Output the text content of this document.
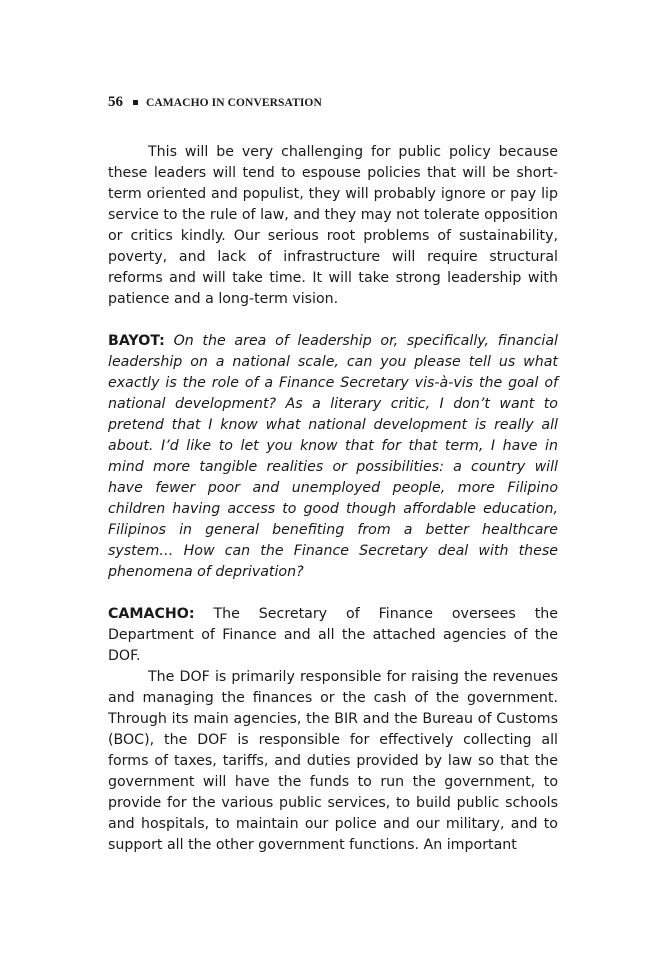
56 CAMACHO IN CONVERSATION

This will be very challenging for public policy because these leaders will tend to espouse policies that will be short-term oriented and populist, they will probably ignore or pay lip service to the rule of law, and they may not tolerate opposition or critics kindly. Our serious root problems of sustainability, poverty, and lack of infrastructure will require structural reforms and will take time. It will take strong leadership with patience and a long-term vision.

BAYOT: On the area of leadership or, specifically, financial leadership on a national scale, can you please tell us what exactly is the role of a Finance Secretary vis-à-vis the goal of national development? As a literary critic, I don’t want to pretend that I know what national development is really all about. I’d like to let you know that for that term, I have in mind more tangible realities or possibilities: a country will have fewer poor and unemployed people, more Filipino children having access to good though affordable education, Filipinos in general benefiting from a better healthcare system… How can the Finance Secretary deal with these phenomena of deprivation?

CAMACHO: The Secretary of Finance oversees the Department of Finance and all the attached agencies of the DOF.

The DOF is primarily responsible for raising the revenues and managing the finances or the cash of the government. Through its main agencies, the BIR and the Bureau of Customs (BOC), the DOF is responsible for effectively collecting all forms of taxes, tariffs, and duties provided by law so that the government will have the funds to run the government, to provide for the various public services, to build public schools and hospitals, to maintain our police and our military, and to support all the other government functions. An important
